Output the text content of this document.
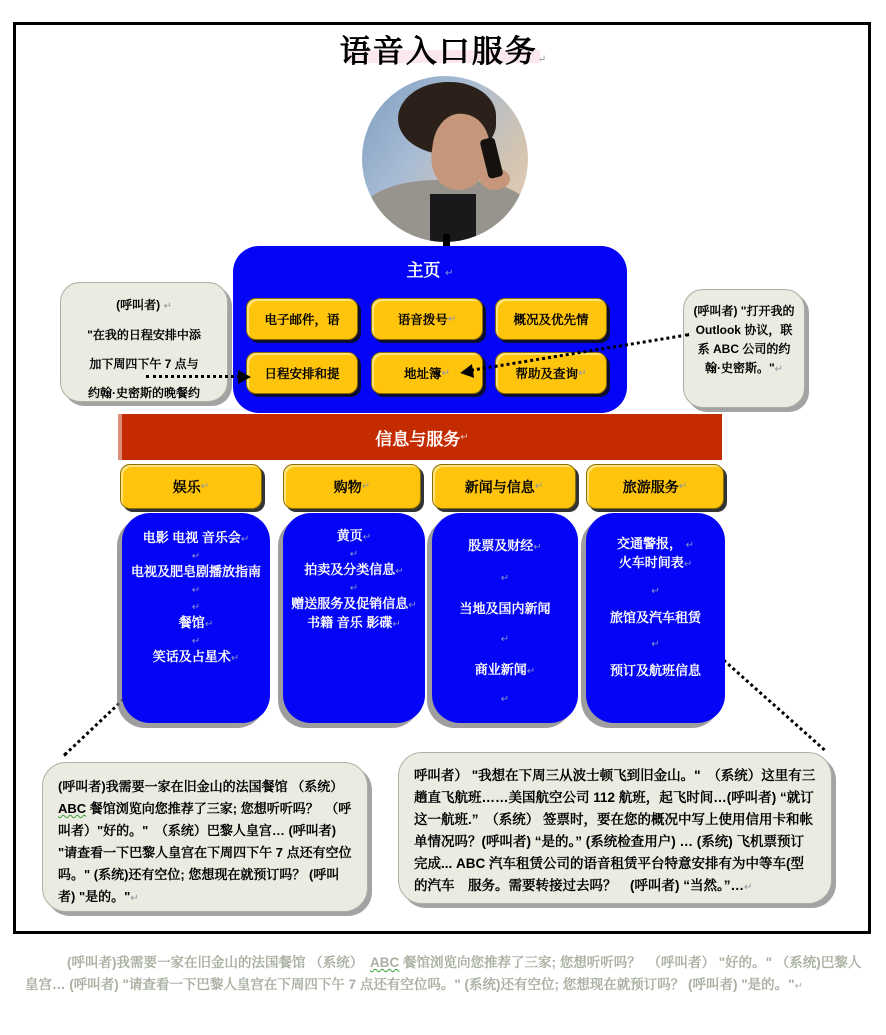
语音入口服务↵
主页 ↵
电子邮件，语	语音拨号 ↵	概况及优先情
日程安排和提	地址簿 ↵	帮助及查询 ↵
(呼叫者) ↵
"在我的日程安排中添
加下周四下午 7 点与
约翰·史密斯的晚餐约
(呼叫者) "打开我的 Outlook 协议，联系 ABC 公司的约翰·史密斯。"↵
信息与服务 ↵
娱乐 ↵	购物 ↵	新闻与信息 ↵	旅游服务 ↵
电影 电视 音乐会↵
↵
电视及肥皂剧播放指南↵
↵
餐馆↵
↵
笑话及占星术↵
黄页↵
↵
拍卖及分类信息↵
↵
赠送服务及促销信息↵
书籍 音乐 影碟↵
股票及财经↵
↵
当地及国内新闻
↵
商业新闻↵
↵
交通警报， ↵
火车时间表↵
↵
旅馆及汽车租赁
↵
预订及航班信息
(呼叫者)我需要一家在旧金山的法国餐馆 （系统）　ABC 餐馆浏览向您推荐了三家; 您想听听吗？　（呼叫者）"好的。"　（系统）巴黎人皇宫… (呼叫者) "请查看一下巴黎人皇宫在下周四下午 7 点还有空位吗。" (系统)还有空位; 您想现在就预订吗？ (呼叫者) "是的。"↵
呼叫者） "我想在下周三从波士顿飞到旧金山。"　（系统）这里有三趟直飞航班……美国航空公司 112 航班，起飞时间…(呼叫者) “就订这一航班.”　（系统） 签票时，要在您的概况中写上使用信用卡和帐单情况吗？(呼叫者) “是的。” (系统检查用户) … (系统) 飞机票预订完成... ABC 汽车租赁公司的语音租赁平台特意安排有为中等车(型的汽车　服务。需要转接过去吗？　(呼叫者) “当然。”…↵
(呼叫者)我需要一家在旧金山的法国餐馆 （系统）　ABC 餐馆浏览向您推荐了三家; 您想听听吗？　（呼叫者） "好的。" （系统)巴黎人皇宫… (呼叫者) "请查看一下巴黎人皇宫在下周四下午 7 点还有空位吗。" (系统)还有空位; 您想现在就预订吗？ (呼叫者) "是的。"↵
